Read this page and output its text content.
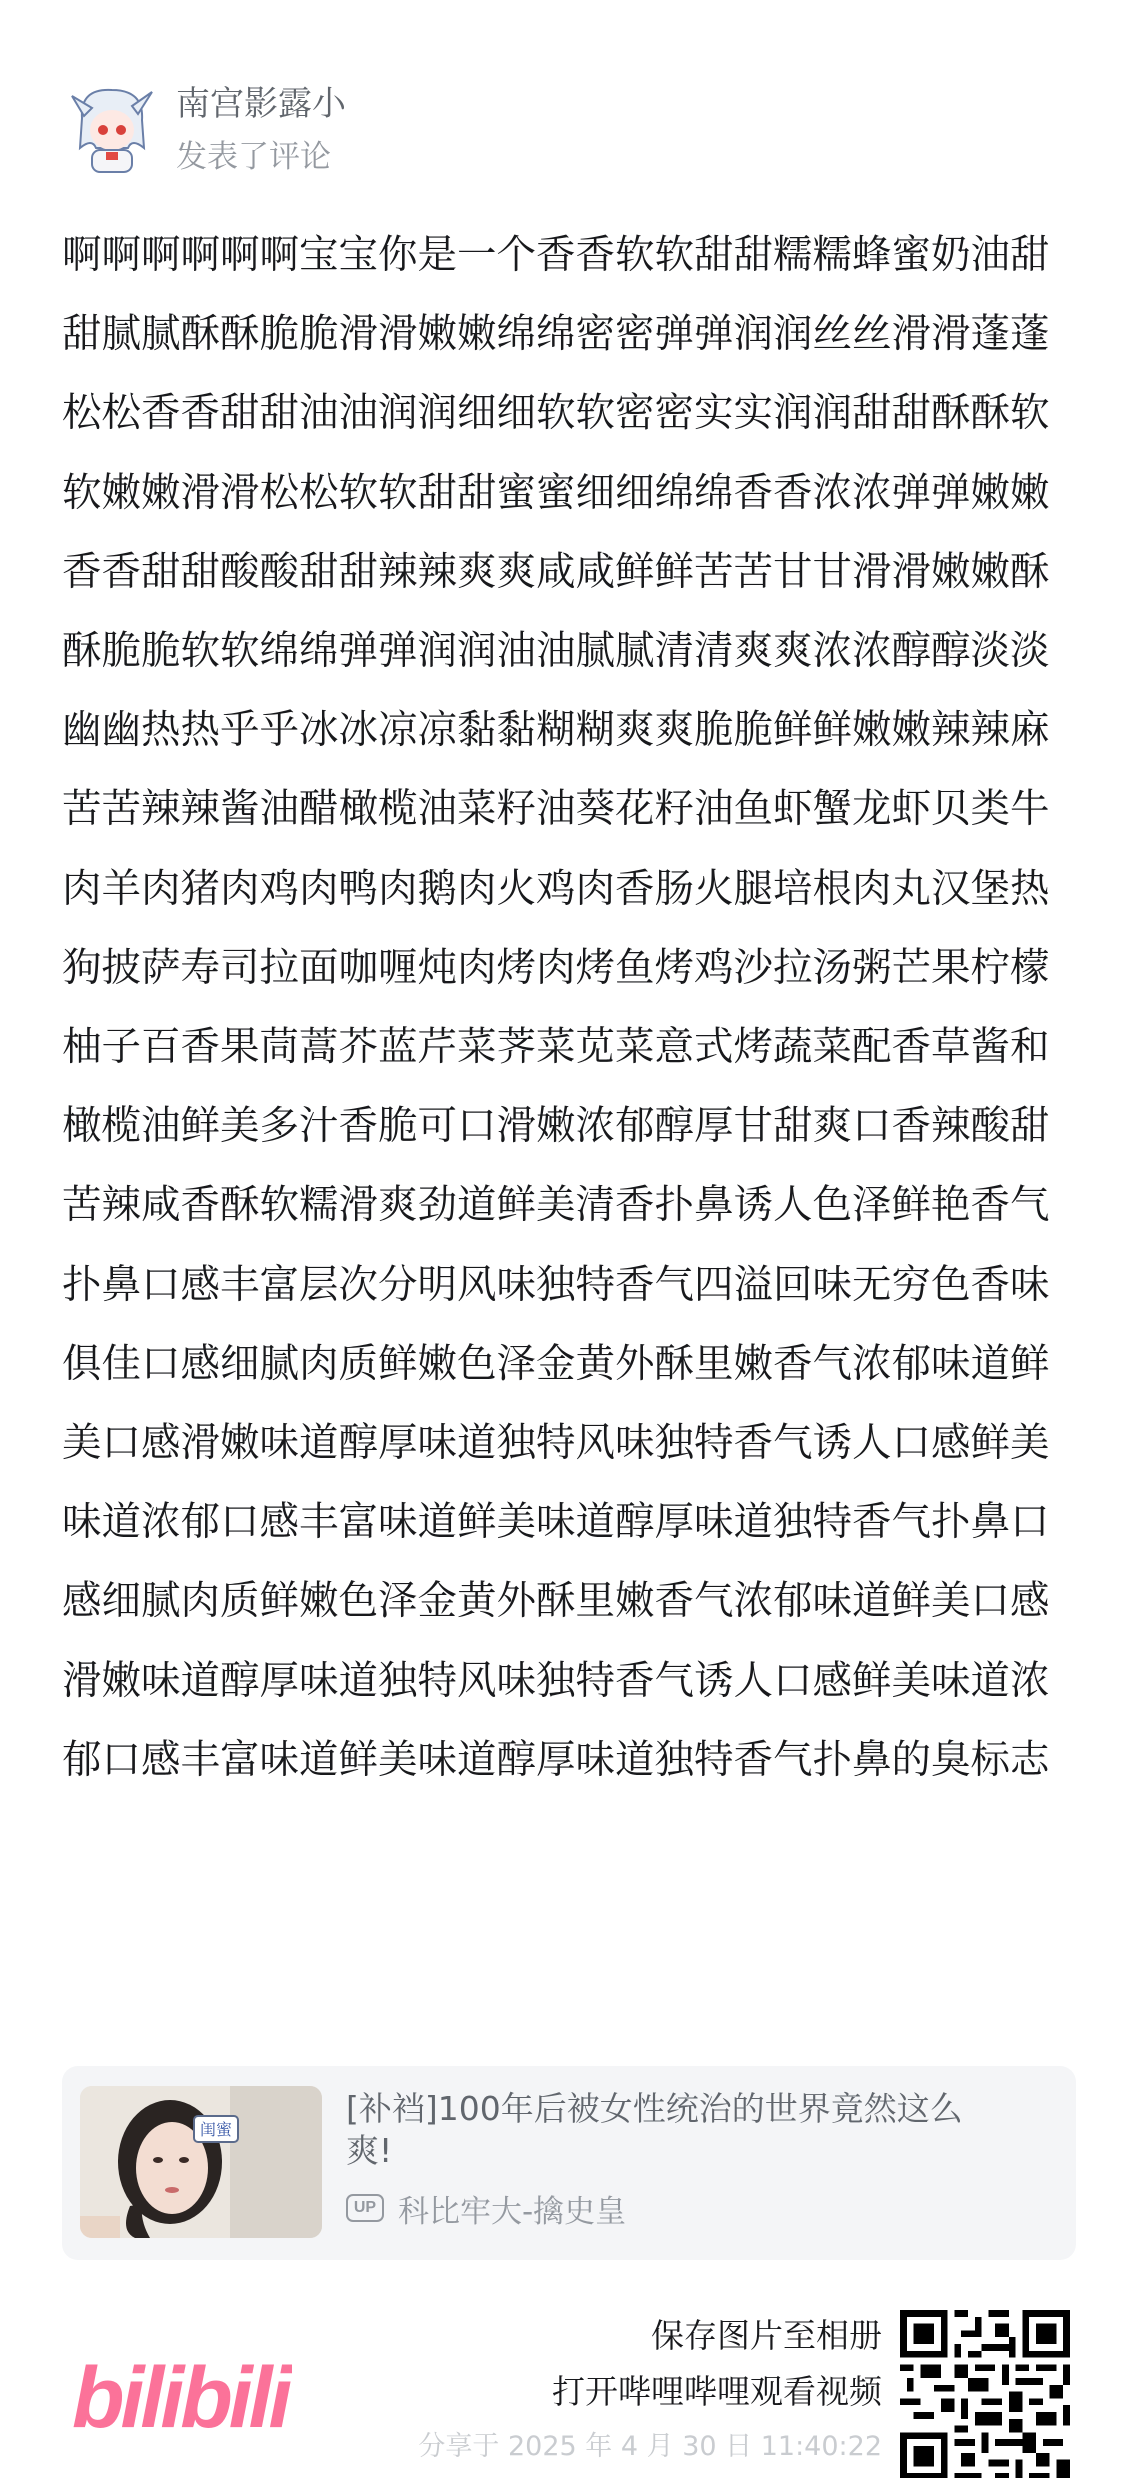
南宫影露小
发表了评论
啊啊啊啊啊啊宝宝你是一个香香软软甜甜糯糯蜂蜜奶油甜甜腻腻酥酥脆脆滑滑嫩嫩绵绵密密弹弹润润丝丝滑滑蓬蓬松松香香甜甜油油润润细细软软密密实实润润甜甜酥酥软软嫩嫩滑滑松松软软甜甜蜜蜜细细绵绵香香浓浓弹弹嫩嫩香香甜甜酸酸甜甜辣辣爽爽咸咸鲜鲜苦苦甘甘滑滑嫩嫩酥酥脆脆软软绵绵弹弹润润油油腻腻清清爽爽浓浓醇醇淡淡幽幽热热乎乎冰冰凉凉黏黏糊糊爽爽脆脆鲜鲜嫩嫩辣辣麻苦苦辣辣酱油醋橄榄油菜籽油葵花籽油鱼虾蟹龙虾贝类牛肉羊肉猪肉鸡肉鸭肉鹅肉火鸡肉香肠火腿培根肉丸汉堡热狗披萨寿司拉面咖喱炖肉烤肉烤鱼烤鸡沙拉汤粥芒果柠檬柚子百香果茼蒿芥蓝芹菜荠菜苋菜意式烤蔬菜配香草酱和橄榄油鲜美多汁香脆可口滑嫩浓郁醇厚甘甜爽口香辣酸甜苦辣咸香酥软糯滑爽劲道鲜美清香扑鼻诱人色泽鲜艳香气扑鼻口感丰富层次分明风味独特香气四溢回味无穷色香味俱佳口感细腻肉质鲜嫩色泽金黄外酥里嫩香气浓郁味道鲜美口感滑嫩味道醇厚味道独特风味独特香气诱人口感鲜美味道浓郁口感丰富味道鲜美味道醇厚味道独特香气扑鼻口感细腻肉质鲜嫩色泽金黄外酥里嫩香气浓郁味道鲜美口感滑嫩味道醇厚味道独特风味独特香气诱人口感鲜美味道浓郁口感丰富味道鲜美味道醇厚味道独特香气扑鼻的臭标志
闺蜜
[补裆]100年后被女性统治的世界竟然这么爽!
UP 科比牢大-擒史皇
bilibili
保存图片至相册
打开哔哩哔哩观看视频
分享于 2025 年 4 月 30 日 11:40:22
